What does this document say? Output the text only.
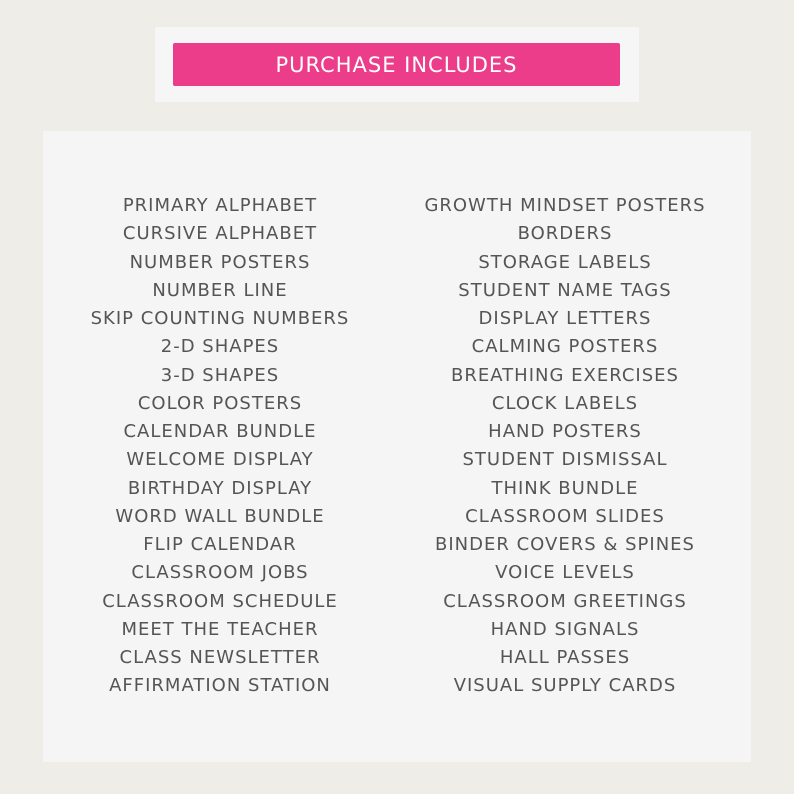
PURCHASE INCLUDES
PRIMARY ALPHABET
CURSIVE ALPHABET
NUMBER POSTERS
NUMBER LINE
SKIP COUNTING NUMBERS
2-D SHAPES
3-D SHAPES
COLOR POSTERS
CALENDAR BUNDLE
WELCOME DISPLAY
BIRTHDAY DISPLAY
WORD WALL BUNDLE
FLIP CALENDAR
CLASSROOM JOBS
CLASSROOM SCHEDULE
MEET THE TEACHER
CLASS NEWSLETTER
AFFIRMATION STATION
GROWTH MINDSET POSTERS
BORDERS
STORAGE LABELS
STUDENT NAME TAGS
DISPLAY LETTERS
CALMING POSTERS
BREATHING EXERCISES
CLOCK LABELS
HAND POSTERS
STUDENT DISMISSAL
THINK BUNDLE
CLASSROOM SLIDES
BINDER COVERS & SPINES
VOICE LEVELS
CLASSROOM GREETINGS
HAND SIGNALS
HALL PASSES
VISUAL SUPPLY CARDS
